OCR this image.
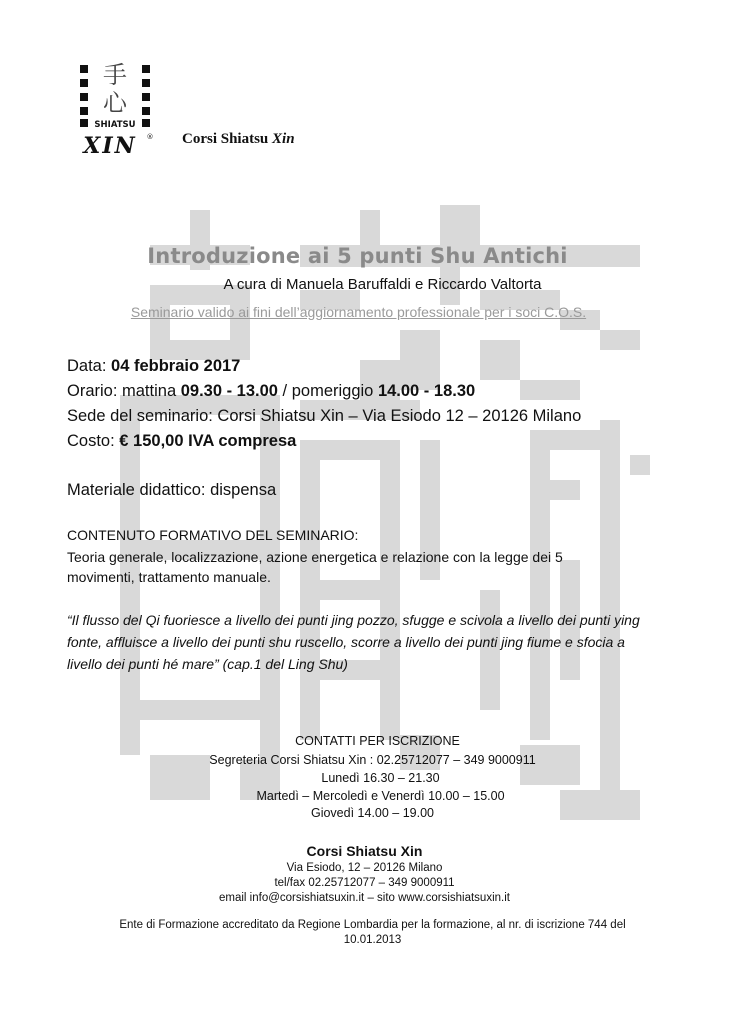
手
心
SHIATSU
XIN ® Corsi Shiatsu Xin
Introduzione ai 5 punti Shu Antichi
A cura di Manuela Baruffaldi e Riccardo Valtorta
Seminario valido ai fini dell’aggiornamento professionale per i soci C.O.S.
Data: 04 febbraio 2017
Orario: mattina 09.30 - 13.00 / pomeriggio 14.00 - 18.30
Sede del seminario: Corsi Shiatsu Xin – Via Esiodo 12 – 20126 Milano
Costo: € 150,00 IVA compresa
Materiale didattico: dispensa
CONTENUTO FORMATIVO DEL SEMINARIO:
Teoria generale, localizzazione, azione energetica e relazione con la legge dei 5 movimenti, trattamento manuale.
“Il flusso del Qi fuoriesce a livello dei punti jing pozzo, sfugge e scivola a livello dei punti ying fonte, affluisce a livello dei punti shu ruscello, scorre a livello dei punti jing fiume e sfocia a livello dei punti hé mare” (cap.1 del Ling Shu)
CONTATTI PER ISCRIZIONE
Segreteria Corsi Shiatsu Xin : 02.25712077 – 349 9000911
Lunedì 16.30 – 21.30
Martedì – Mercoledì e Venerdì 10.00 – 15.00
Giovedì 14.00 – 19.00
Corsi Shiatsu Xin
Via Esiodo, 12 – 20126 Milano
tel/fax 02.25712077 – 349 9000911
email info@corsishiatsuxin.it – sito www.corsishiatsuxin.it
Ente di Formazione accreditato da Regione Lombardia per la formazione, al nr. di iscrizione 744 del 10.01.2013
